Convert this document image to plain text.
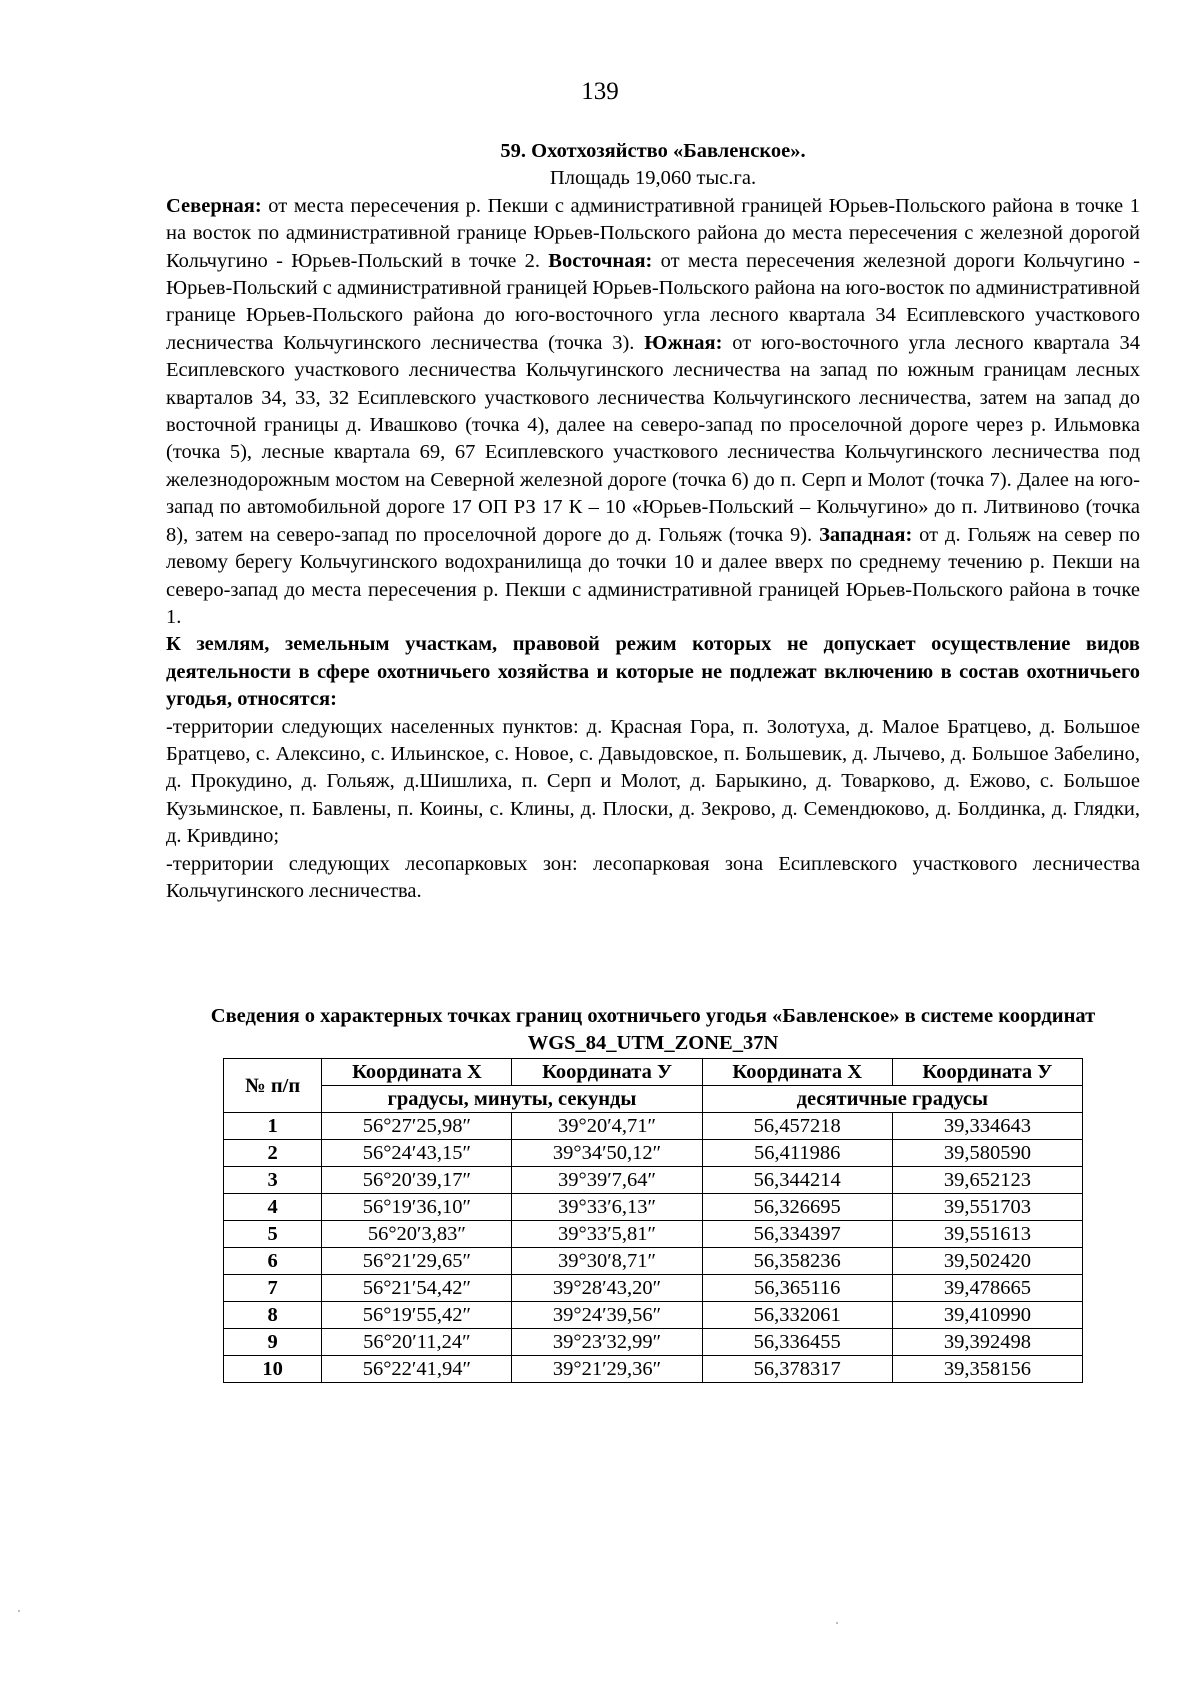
139

59. Охотхозяйство «Бавленское».

Площадь 19,060 тыс.га.

Северная: от места пересечения р. Пекши с административной границей Юрьев-Польского района в точке 1 на восток по административной границе Юрьев-Польского района до места пересечения с железной дорогой Кольчугино - Юрьев-Польский в точке 2. Восточная: от места пересечения железной дороги Кольчугино - Юрьев-Польский с административной границей Юрьев-Польского района на юго-восток по административной границе Юрьев-Польского района до юго-восточного угла лесного квартала 34 Есиплевского участкового лесничества Кольчугинского лесничества (точка 3). Южная: от юго-восточного угла лесного квартала 34 Есиплевского участкового лесничества Кольчугинского лесничества на запад по южным границам лесных кварталов 34, 33, 32 Есиплевского участкового лесничества Кольчугинского лесничества, затем на запад до восточной границы д. Ивашково (точка 4), далее на северо-запад по проселочной дороге через р. Ильмовка (точка 5), лесные квартала 69, 67 Есиплевского участкового лесничества Кольчугинского лесничества под железнодорожным мостом на Северной железной дороге (точка 6) до п. Серп и Молот (точка 7). Далее на юго-запад по автомобильной дороге 17 ОП РЗ 17 К – 10 «Юрьев-Польский – Кольчугино» до п. Литвиново (точка 8), затем на северо-запад по проселочной дороге до д. Гольяж (точка 9). Западная: от д. Гольяж на север по левому берегу Кольчугинского водохранилища до точки 10 и далее вверх по среднему течению р. Пекши на северо-запад до места пересечения р. Пекши с административной границей Юрьев-Польского района в точке 1.

К землям, земельным участкам, правовой режим которых не допускает осуществление видов деятельности в сфере охотничьего хозяйства и которые не подлежат включению в состав охотничьего угодья, относятся:

-территории следующих населенных пунктов: д. Красная Гора, п. Золотуха, д. Малое Братцево, д. Большое Братцево, с. Алексино, с. Ильинское, с. Новое, с. Давыдовское, п. Большевик, д. Лычево, д. Большое Забелино, д. Прокудино, д. Гольяж, д.Шишлиха, п. Серп и Молот, д. Барыкино, д. Товарково, д. Ежово, с. Большое Кузьминское, п. Бавлены, п. Коины, с. Клины, д. Плоски, д. Зекрово, д. Семендюково, д. Болдинка, д. Глядки, д. Кривдино;

-территории следующих лесопарковых зон: лесопарковая зона Есиплевского участкового лесничества Кольчугинского лесничества.

Сведения о характерных точках границ охотничьего угодья «Бавленское» в системе координат WGS_84_UTM_ZONE_37N
№ п/п	Координата X	Координата У	Координата X	Координата У
	градусы, минуты, секунды		десятичные градусы	
1	56°27′25,98″	39°20′4,71″	56,457218	39,334643
2	56°24′43,15″	39°34′50,12″	56,411986	39,580590
3	56°20′39,17″	39°39′7,64″	56,344214	39,652123
4	56°19′36,10″	39°33′6,13″	56,326695	39,551703
5	56°20′3,83″	39°33′5,81″	56,334397	39,551613
6	56°21′29,65″	39°30′8,71″	56,358236	39,502420
7	56°21′54,42″	39°28′43,20″	56,365116	39,478665
8	56°19′55,42″	39°24′39,56″	56,332061	39,410990
9	56°20′11,24″	39°23′32,99″	56,336455	39,392498
10	56°22′41,94″	39°21′29,36″	56,378317	39,358156
